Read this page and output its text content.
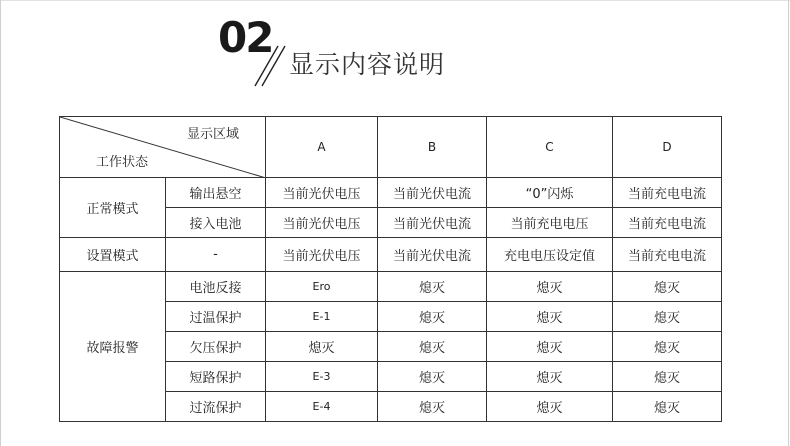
02
显示内容说明
显示区域
工作状态		A	B	C	D
正常模式	输出悬空	当前光伏电压	当前光伏电流	“0”闪烁	当前充电电流
	接入电池	当前光伏电压	当前光伏电流	当前充电电压	当前充电电流
设置模式	-	当前光伏电压	当前光伏电流	充电电压设定值	当前充电电流
故障报警	电池反接	Ero	熄灭	熄灭	熄灭
	过温保护	E-1	熄灭	熄灭	熄灭
	欠压保护	熄灭	熄灭	熄灭	熄灭
	短路保护	E-3	熄灭	熄灭	熄灭
	过流保护	E-4	熄灭	熄灭	熄灭
